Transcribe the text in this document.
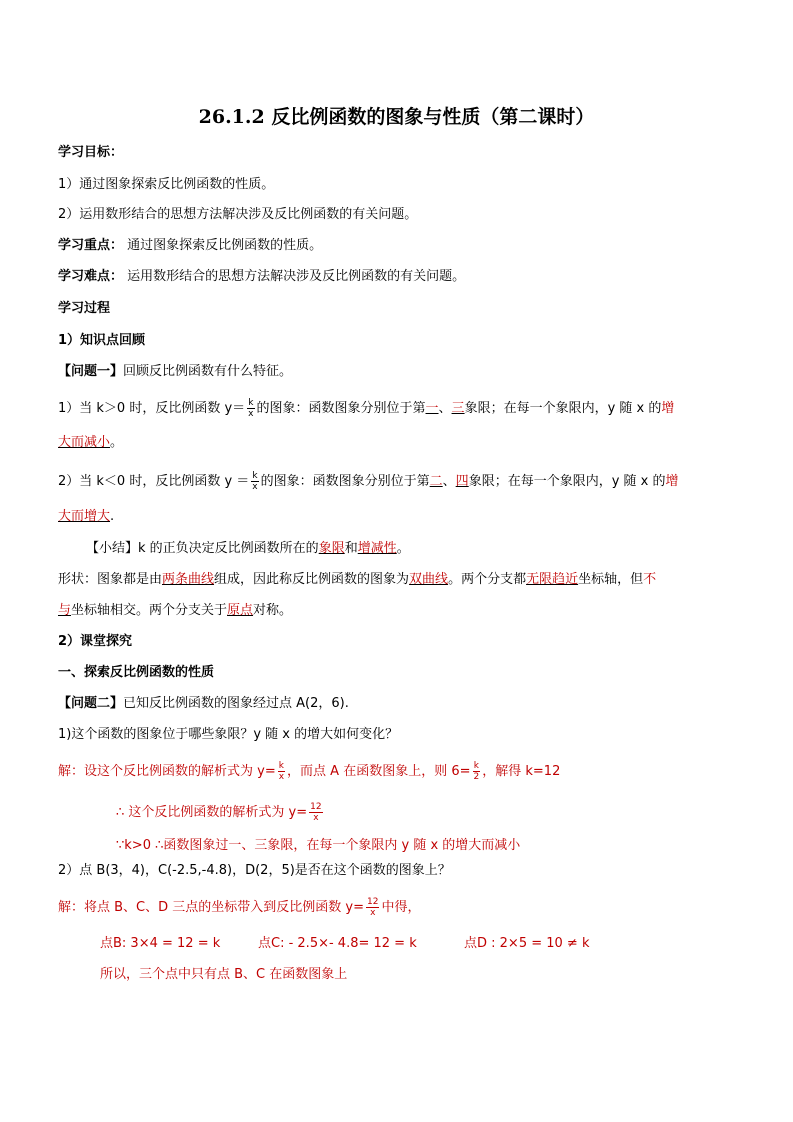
26.1.2 反比例函数的图象与性质（第二课时）
学习目标：
1）通过图象探索反比例函数的性质。
2）运用数形结合的思想方法解决涉及反比例函数的有关问题。
学习重点： 通过图象探索反比例函数的性质。
学习难点： 运用数形结合的思想方法解决涉及反比例函数的有关问题。
学习过程
1）知识点回顾
【问题一】回顾反比例函数有什么特征。
1）当 k＞0 时，反比例函数 $y= \frac{k}{x}$ 的图象：函数图象分别位于第一、三象限；在每一个象限内，y 随 x 的增
大而减小。
2）当 k＜0 时，反比例函数 $y = \frac{k}{x}$ 的图象：函数图象分别位于第二、四象限；在每一个象限内，y 随 x 的增
大而增大.
【小结】k 的正负决定反比例函数所在的象限和增减性。
形状：图象都是由两条曲线组成，因此称反比例函数的图象为双曲线。两个分支都无限趋近坐标轴，但不
与坐标轴相交。两个分支关于原点对称。
2）课堂探究
一、探索反比例函数的性质
【问题二】已知反比例函数的图象经过点 A(2，6).
1)这个函数的图象位于哪些象限？y 随 x 的增大如何变化？
解：设这个反比例函数的解析式为 $y= \frac{k}{x}$ ，而点 A 在函数图象上，则 $6= \frac{k}{2}$ ，解得 k=12
∴ 这个反比例函数的解析式为 $y= \frac{12}{x}$
∵k>0 ∴函数图象过一、三象限，在每一个象限内 y 随 x 的增大而减小
2）点 B(3，4)，C(-2.5,-4.8)，D(2，5)是否在这个函数的图象上？
解：将点 B、C、D 三点的坐标带入到反比例函数 $y= \frac{12}{x}$ 中得，
点B: 3×4 = 12 = k	点C: - 2.5×- 4.8= 12 = k	点D : 2×5 = 10 ≠ k
所以，三个点中只有点 B、C 在函数图象上
